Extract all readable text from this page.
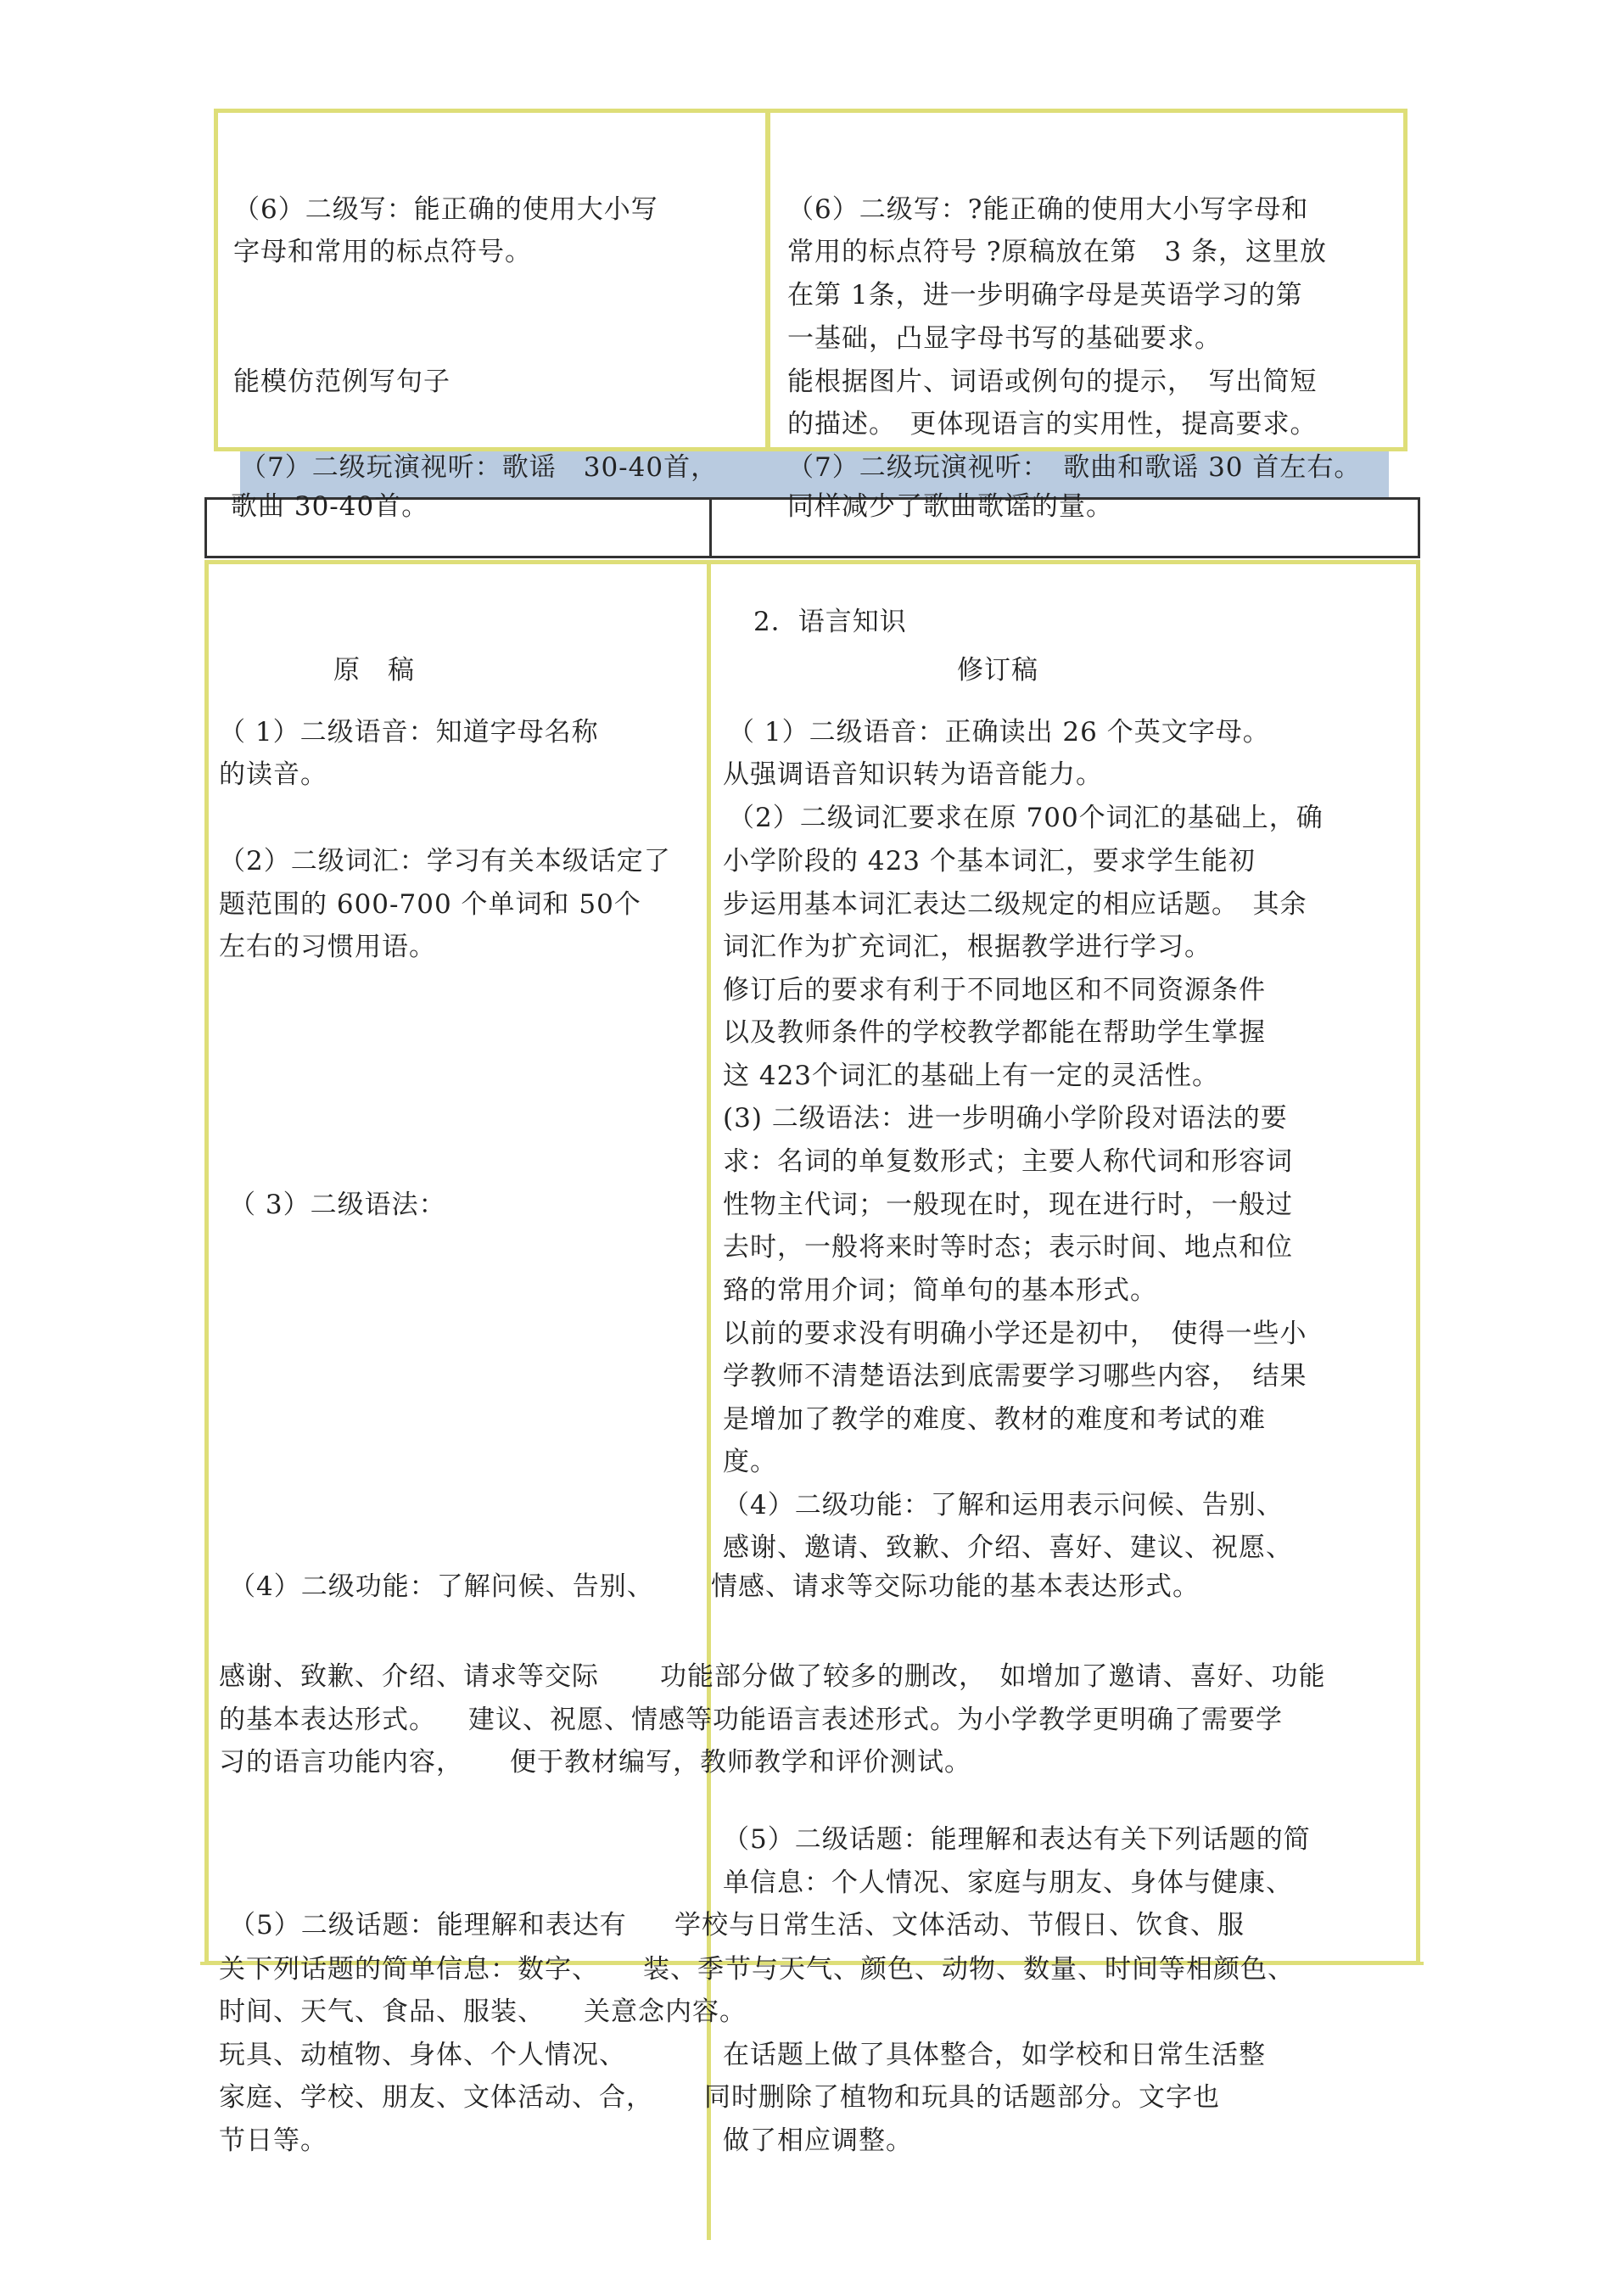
（6）二级写：能正确的使用大小写
字母和常用的标点符号。
能模仿范例写句子
（6）二级写：?能正确的使用大小写字母和
常用的标点符号 ?原稿放在第　3 条，这里放
在第 1条，进一步明确字母是英语学习的第
一基础，凸显字母书写的基础要求。
能根据图片、词语或例句的提示，　写出简短
的描述。　更体现语言的实用性，提高要求。
（7）二级玩演视听：歌谣　30-40首，
歌曲 30-40首。
（7）二级玩演视听：　歌曲和歌谣 30 首左右。
同样减少了歌曲歌谣的量。
2．语言知识
原　稿	修订稿
（ 1）二级语音：知道字母名称
的读音。
（2）二级词汇：学习有关本级话定了
题范围的 600-700 个单词和 50个
左右的习惯用语。
（ 3）二级语法：
（4）二级功能：了解问候、告别、
感谢、致歉、介绍、请求等交际
的基本表达形式。
习的语言功能内容，
（5）二级话题：能理解和表达有
关下列话题的简单信息：数字、
时间、天气、食品、服装、
玩具、动植物、身体、个人情况、
家庭、学校、朋友、文体活动、合，
节日等。
（ 1）二级语音：正确读出 26 个英文字母。
从强调语音知识转为语音能力。
（2）二级词汇要求在原 700个词汇的基础上，确
小学阶段的 423 个基本词汇，要求学生能初
步运用基本词汇表达二级规定的相应话题。　其余
词汇作为扩充词汇，根据教学进行学习。
修订后的要求有利于不同地区和不同资源条件
以及教师条件的学校教学都能在帮助学生掌握
这 423个词汇的基础上有一定的灵活性。
(3) 二级语法：进一步明确小学阶段对语法的要
求：名词的单复数形式；主要人称代词和形容词
性物主代词；一般现在时，现在进行时，一般过
去时，一般将来时等时态；表示时间、地点和位
臵的常用介词；简单句的基本形式。
以前的要求没有明确小学还是初中，　使得一些小
学教师不清楚语法到底需要学习哪些内容，　结果
是增加了教学的难度、教材的难度和考试的难
度。
（4）二级功能：了解和运用表示问候、告别、
感谢、邀请、致歉、介绍、喜好、建议、祝愿、
情感、请求等交际功能的基本表达形式。
功能部分做了较多的删改，　如增加了邀请、喜好、功能
建议、祝愿、情感等功能语言表述形式。为小学教学更明确了需要学
便于教材编写，教师教学和评价测试。
（5）二级话题：能理解和表达有关下列话题的简
单信息：个人情况、家庭与朋友、身体与健康、
学校与日常生活、文体活动、节假日、饮食、服
装、季节与天气、颜色、动物、数量、时间等相颜色、
关意念内容。
在话题上做了具体整合，如学校和日常生活整
同时删除了植物和玩具的话题部分。文字也
做了相应调整。
